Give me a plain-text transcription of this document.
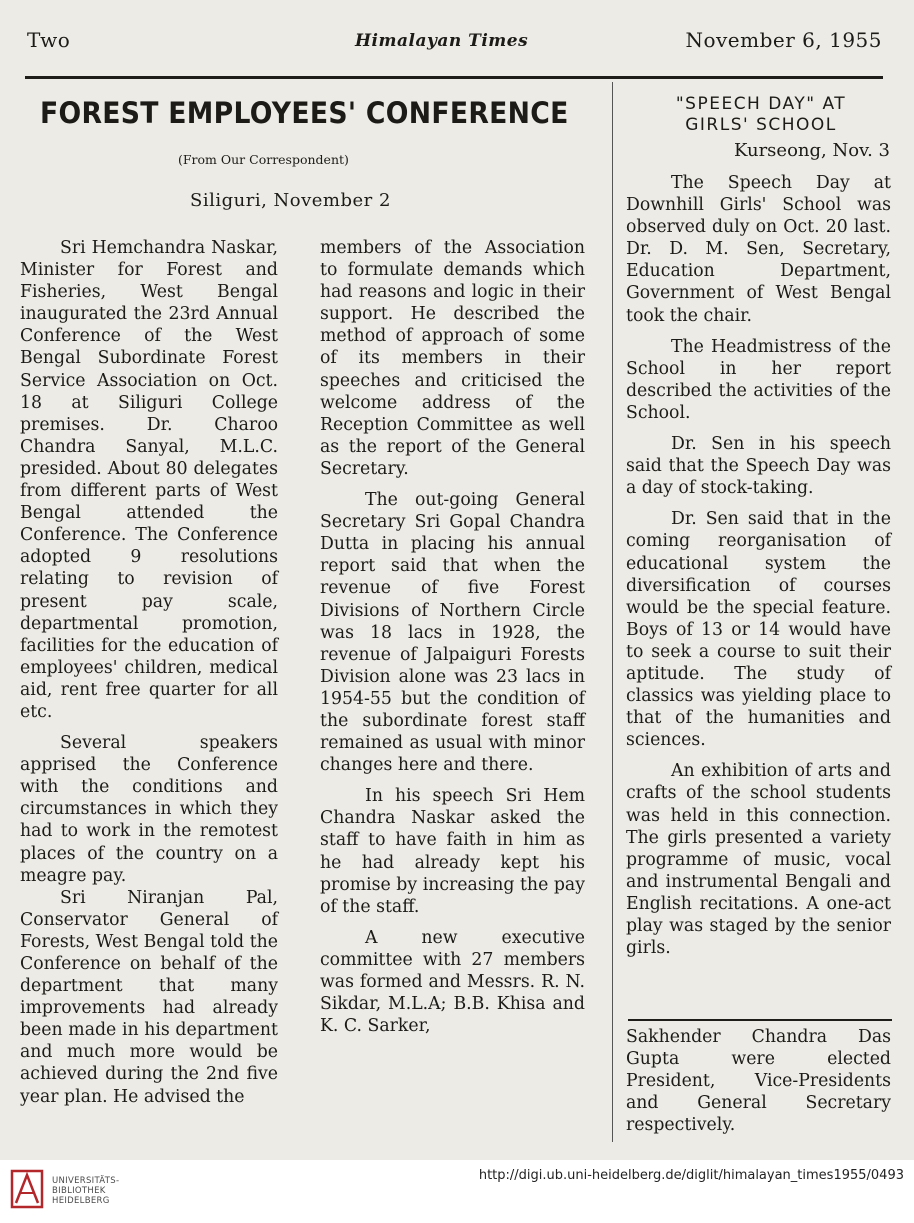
Two	Himalayan Times	November 6, 1955
FOREST EMPLOYEES' CONFERENCE
(From Our Correspondent)
Siliguri, November 2

Sri Hemchandra Naskar, Minister for Forest and Fisheries, West Bengal inaugurated the 23rd Annual Conference of the West Bengal Subordinate Forest Service Association on Oct. 18 at Siliguri College premises. Dr. Charoo Chandra Sanyal, M.L.C. presided. About 80 delegates from different parts of West Bengal attended the Conference. The Conference adopted 9 resolutions relating to revision of present pay scale, departmental promotion, facilities for the education of employees' children, medical aid, rent free quarter for all etc.

Several speakers apprised the Conference with the conditions and circumstances in which they had to work in the remotest places of the country on a meagre pay.

Sri Niranjan Pal, Conservator General of Forests, West Bengal told the Conference on behalf of the department that many improvements had already been made in his department and much more would be achieved during the 2nd five year plan. He advised the

members of the Association to formulate demands which had reasons and logic in their support. He described the method of approach of some of its members in their speeches and criticised the welcome address of the Reception Committee as well as the report of the General Secretary.

The out-going General Secretary Sri Gopal Chandra Dutta in placing his annual report said that when the revenue of five Forest Divisions of Northern Circle was 18 lacs in 1928, the revenue of Jalpaiguri Forests Division alone was 23 lacs in 1954-55 but the condition of the subordinate forest staff remained as usual with minor changes here and there.

In his speech Sri Hem Chandra Naskar asked the staff to have faith in him as he had already kept his promise by increasing the pay of the staff.

A new executive committee with 27 members was formed and Messrs. R. N. Sikdar, M.L.A; B.B. Khisa and K. C. Sarker,

"SPEECH DAY" AT
GIRLS' SCHOOL
Kurseong, Nov. 3

The Speech Day at Downhill Girls' School was observed duly on Oct. 20 last. Dr. D. M. Sen, Secretary, Education Department, Government of West Bengal took the chair.

The Headmistress of the School in her report described the activities of the School.

Dr. Sen in his speech said that the Speech Day was a day of stock-taking.

Dr. Sen said that in the coming reorganisation of educational system the diversification of courses would be the special feature. Boys of 13 or 14 would have to seek a course to suit their aptitude. The study of classics was yielding place to that of the humanities and sciences.

An exhibition of arts and crafts of the school students was held in this connection. The girls presented a variety programme of music, vocal and instrumental Bengali and English recitations. A one-act play was staged by the senior girls.

Sakhender Chandra Das Gupta were elected President, Vice-Presidents and General Secretary respectively.

UNIVERSITÄTS-
BIBLIOTHEK
HEIDELBERG
http://digi.ub.uni-heidelberg.de/diglit/himalayan_times1955/0493
